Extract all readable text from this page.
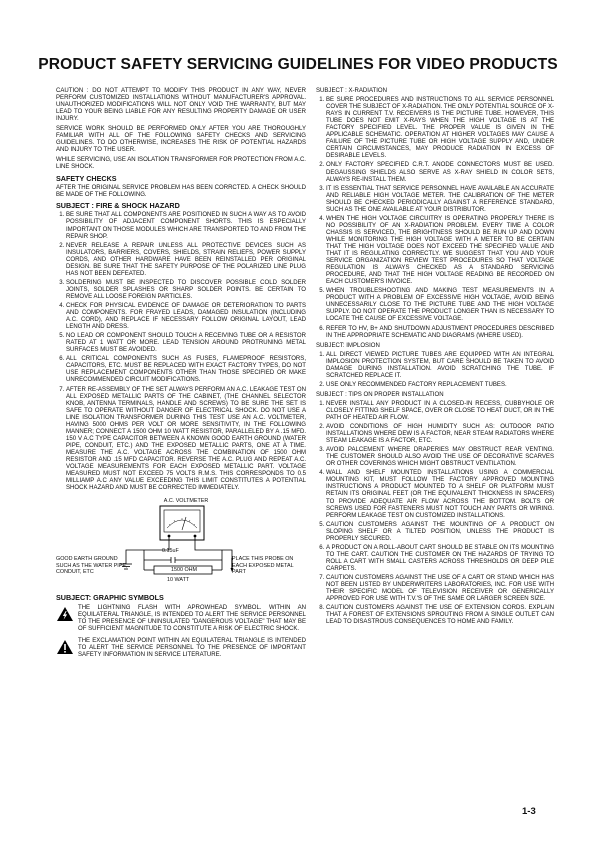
PRODUCT SAFETY SERVICING GUIDELINES FOR VIDEO PRODUCTS
CAUTION : DO NOT ATTEMPT TO MODIFY THIS PRODUCT IN ANY WAY, NEVER PERFORM CUSTOMIZED INSTALLATIONS WITHOUT MANUFACTURER'S APPROVAL. UNAUTHORIZED MODIFICATIONS WILL NOT ONLY VOID THE WARRANTY, BUT MAY LEAD TO YOUR BEING LIABLE FOR ANY RESULTING PROPERTY DAMAGE OR USER INJURY.
SERVICE WORK SHOULD BE PERFORMED ONLY AFTER YOU ARE THOROUGHLY FAMILIAR WITH ALL OF THE FOLLOWING SAFETY CHECKS AND SERVICING GUIDELINES. TO DO OTHERWISE, INCREASES THE RISK OF POTENTIAL HAZARDS AND INJURY TO THE USER.
WHILE SERVICING, USE AN ISOLATION TRANSFORMER FOR PROTECTION FROM A.C. LINE SHOCK.
SAFETY CHECKS
AFTER THE ORIGINAL SERVICE PROBLEM HAS BEEN CORRCTED. A CHECK SHOULD BE MADE OF THE FOLLOWING.
SUBJECT : FIRE & SHOCK HAZARD
1. BE SURE THAT ALL COMPONENTS ARE POSITIONED IN SUCH A WAY AS TO AVOID POSSIBILITY OF ADJACENT COMPONENT SHORTS. THIS IS ESPECIALLY IMPORTANT ON THOSE MODULES WHICH ARE TRANSPORTED TO AND FROM THE REPAIR SHOP.
2. NEVER RELEASE A REPAIR UNLESS ALL PROTECTIVE DEVICES SUCH AS INSULATORS, BARRIERS, COVERS, SHIELDS, STRAIN RELIEFS, POWER SUPPLY CORDS, AND OTHER HARDWARE HAVE BEEN REINSTALLED PER ORIGINAL DESIGN. BE SURE THAT THE SAFETY PURPOSE OF THE POLARIZED LINE PLUG HAS NOT BEEN DEFEATED.
3. SOLDERING MUST BE INSPECTED TO DISCOVER POSSIBLE COLD SOLDER JOINTS, SOLDER SPLASHES OR SHARP SOLDER POINTS. BE CERTAIN TO REMOVE ALL LOOSE FOREIGN PARTICLES.
4. CHECK FOR PHYSICAL EVIDENCE OF DAMAGE OR DETERIORATION TO PARTS AND COMPONENTS. FOR FRAYED LEADS, DAMAGED INSULATION (INCLUDING A.C. CORD), AND REPLACE IF NECESSARY FOLLOW ORIGINAL LAYOUT, LEAD LENGTH AND DRESS.
5. NO LEAD OR COMPONENT SHOULD TOUCH A RECEIVING TUBE OR A RESISTOR RATED AT 1 WATT OR MORE. LEAD TENSION AROUND PROTRUNING METAL SURFACES MUST BE AVOIDED.
6. ALL CRITICAL COMPONENTS SUCH AS FUSES, FLAMEPROOF RESISTORS, CAPACITORS, ETC. MUST BE REPLACED WITH EXACT FACTORY TYPES, DO NOT USE REPLACEMENT COMPONENTS OTHER THAN THOSE SPECIFIED OR MAKE UNRECOMMENDED CIRCUIT MODIFICATIONS.
7. AFTER RE-ASSEMBLY OF THE SET ALWAYS PERFORM AN A.C. LEAKAGE TEST ON ALL EXPOSED METALLIC PARTS OF THE CABINET, (THE CHANNEL SELECTOR KNOB, ANTENNA TERMINALS, HANDLE AND SCREWS) TO BE SURE THE SET IS SAFE TO OPERATE WITHOUT DANGER OF ELECTRICAL SHOCK. DO NOT USE A LINE ISOLATION TRANSFORMER DURING THIS TEST USE AN A.C. VOLTMETER, HAVING 5000 OHMS PER VOLT OR MORE SENSITIVITY, IN THE FOLLOWING MANNER; CONNECT A 1500 OHM 10 WATT RESISTOR, PARALLELED BY A .15 MFD. 150 V A.C TYPE CAPACITOR BETWEEN A KNOWN GOOD EARTH GROUND (WATER PIPE, CONDUIT, ETC.) AND THE EXPOSED METALLIC PARTS, ONE AT A TIME. MEASURE THE A.C. VOLTAGE ACROSS THE COMBINATION OF 1500 OHM RESISTOR AND .15 MFD CAPACITOR. REVERSE THE A.C. PLUG AND REPEAT A.C. VOLTAGE MEASUREMENTS FOR EACH EXPOSED METALLIC PART. VOLTAGE MEASURED MUST NOT EXCEED 75 VOLTS R.M.S. THIS CORRESPONDS TO 0.5 MILLIAMP A.C ANY VALUE EXCEEDING THIS LIMIT CONSTITUTES A POTENTIAL SHOCK HAZARD AND MUST BE CORRECTED IMMEDIATELY.
A.C. VOLTMETER
0.15uF
1500 OHM
10 WATT
GOOD EARTH GROUND SUCH AS THE WATER PIPE, CONDUIT, ETC
PLACE THIS PROBE ON EACH EXPOSED METAL PART
SUBJECT: GRAPHIC SYMBOLS
THE LIGHTNING FLASH WITH APROWHEAD SYMBOL. WITHIN AN EQUILATERAL TRIANGLE, IS INTENDED TO ALERT THE SERVICE PERSONNEL TO THE PRESENCE OF UNINSULATED "DANGEROUS VOLTAGE" THAT MAY BE OF SUFFICIENT MAGNITUDE TO CONSTITUTE A RISK OF ELECTRIC SHOCK.
THE EXCLAMATION POINT WITHIN AN EQUILATERAL TRIANGLE IS INTENDED TO ALERT THE SERVICE PERSONNEL TO THE PRESENCE OF IMPORTANT SAFETY INFORMATION IN SERVICE LITERATURE.
SUBJECT : X-RADIATION
1. BE SURE PROCEDURES AND INSTRUCTIONS TO ALL SERVICE PERSONNEL COVER THE SUBJECT OF X-RADIATION. THE ONLY POTENTIAL SOURCE OF X-RAYS IN CURRENT T.V. RECEIVERS IS THE PICTURE TUBE. HOWEVER, THIS TUBE DOES NOT EMIT X-RAYS WHEN THE HIGH VOLTAGE IS AT THE FACTORY SPECIFIED LEVEL. THE PROPER VALUE IS GIVEN IN THE APPLICABLE SCHEMATIC. OPERATION AT HIGHER VOLTAGES MAY CAUSE A FAILURE OF THE PICTURE TUBE OR HIGH VOLTAGE SUPPLY AND, UNDER CERTAIN CIRCUMSTANCES, MAY PRODUCE RADIATION IN EXCESS OF DESIRABLE LEVELS.
2. ONLY FACTORY SPECIFIED C.R.T. ANODE CONNECTORS MUST BE USED. DEGAUSSING SHIELDS ALSO SERVE AS X-RAY SHIELD IN COLOR SETS, ALWAYS RE-INSTALL THEM.
3. IT IS ESSENTIAL THAT SERVICE PERSONNEL HAVE AVAILABLE AN ACCURATE AND RELIABLE HIGH VOLTAGE METER. THE CALIBRATION OF THE METER SHOULD BE CHECKED PERIODICALLY AGAINST A REFERENCE STANDARD, SUCH AS THE ONE AVAILABLE AT YOUR DISTRIBUTOR.
4. WHEN THE HIGH VOLTAGE CIRCUITRY IS OPERATING PROPERLY THERE IS NO POSSIBILITY OF AN X-RADIATION PROBLEM. EVERY TIME A COLOR CHASSIS IS SERVICED, THE BRIGHTNESS SHOULD BE RUN UP AND DOWN WHILE MONITORING THE HIGH VOLTAGE WITH A METER TO BE CERTAIN THAT THE HIGH VOLTAGE DOES NOT EXCEED THE SPECIFIED VALUE AND THAT IT IS REGULATING CORRECTLY. WE SUGGEST THAT YOU AND YOUR SERVICE ORGANIZATION REVIEW TEST PROCEDURES SO THAT VOLTAGE REGULATION IS ALWAYS CHECKED AS A STANDARD SERVICING PROCEDURE, AND THAT THE HIGH VOLTAGE READING BE RECORDED ON EACH CUSTOMER'S INVOICE.
5. WHEN TROUBLESHOOTING AND MAKING TEST MEASUREMENTS IN A PRODUCT WITH A PROBLEM OF EXCESSIVE HIGH VOLTAGE, AVOID BEING UNNECESSARILY CLOSE TO THE PICTURE TUBE AND THE HIGH VOLTAGE SUPPLY. DO NOT OPERATE THE PRODUCT LONGER THAN IS NECESSARY TO LOCATE THE CAUSE OF EXCESSIVE VOLTAGE.
6. REFER TO HV, B+ AND SHUTDOWN ADJUSTMENT PROCEDURES DESCRIBED IN THE APPROPRIATE SCHEMATIC AND DIAGRAMS (WHERE USED).
SUBJECT: IMPLOSION
1. ALL DIRECT VIEWED PICTURE TUBES ARE EQUIPPED WITH AN INTEGRAL IMPLOSION PROTECTION SYSTEM, BUT CARE SHOULD BE TAKEN TO AVOID DAMAGE DURING INSTALLATION. AVOID SCRATCHING THE TUBE. IF SCRATCHED REPLACE IT.
2. USE ONLY RECOMMENDED FACTORY REPLACEMENT TUBES.
SUBJECT : TIPS ON PROPER INSTALLATION
1. NEVER INSTALL ANY PRODUCT IN A CLOSED-IN RECESS, CUBBYHOLE OR CLOSELY FITTING SHELF SPACE, OVER OR CLOSE TO HEAT DUCT, OR IN THE PATH OF HEATED AIR FLOW.
2. AVOID CONDITIONS OF HIGH HUMIDITY SUCH AS: OUTDOOR PATIO INSTALLATIONS WHERE DEW IS A FACTOR, NEAR STEAM RADIATORS WHERE STEAM LEAKAGE IS A FACTOR, ETC.
3. AVOID PALCEMENT WHERE DRAPERIES MAY OBSTRUCT REAR VENTING. THE CUSTOMER SHOULD ALSO AVOID THE USE OF DECORATIVE SCARVES OR OTHER COVERINGS WHICH MIGHT OBSTRUCT VENTILATION.
4. WALL AND SHELF MOUNTED INSTALLATIONS USING A COMMERCIAL MOUNTING KIT, MUST FOLLOW THE FACTORY APPROVED MOUNTING INSTRUCTIONS A PRODUCT MOUNTED TO A SHELF OR PLATFORM MUST RETAIN ITS ORIGINAL FEET (OR THE EQUIVALENT THICKNESS IN SPACERS) TO PROVIDE ADEQUATE AIR FLOW ACROSS THE BOTTOM. BOLTS OR SCREWS USED FOR FASTENERS MUST NOT TOUCH ANY PARTS OR WIRING. PERFORM LEAKAGE TEST ON CUSTOMIZED INSTALLATIONS.
5. CAUTION CUSTOMERS AGAINST THE MOUNTING OF A PRODUCT ON SLOPING SHELF OR A TILTED POSITION, UNLESS THE PRODUCT IS PROPERLY SECURED.
6. A PRODUCT ON A ROLL-ABOUT CART SHOULD BE STABLE ON ITS MOUNTING TO THE CART. CAUTION THE CUSTOMER ON THE HAZARDS OF TRYING TO ROLL A CART WITH SMALL CASTERS ACROSS THRESHOLDS OR DEEP PILE CARPETS.
7. CAUTION CUSTOMERS AGAINST THE USE OF A CART OR STAND WHICH HAS NOT BEEN LISTED BY UNDERWRITERS LABORATORIES, INC. FOR USE WITH THEIR SPECIFIC MODEL OF TELEVISION RECEIVER OR GENERICALLY APPROVED FOR USE WITH T.V.'S OF THE SAME OR LARGER SCREEN SIZE.
8. CAUTION CUSTOMERS AGAINST THE USE OF EXTENSION CORDS. EXPLAIN THAT A FOREST OF EXTENSIONS SPROUTING FROM A SINGLE OUTLET CAN LEAD TO DISASTROUS CONSEQUENCES TO HOME AND FAMILY.
1-3
